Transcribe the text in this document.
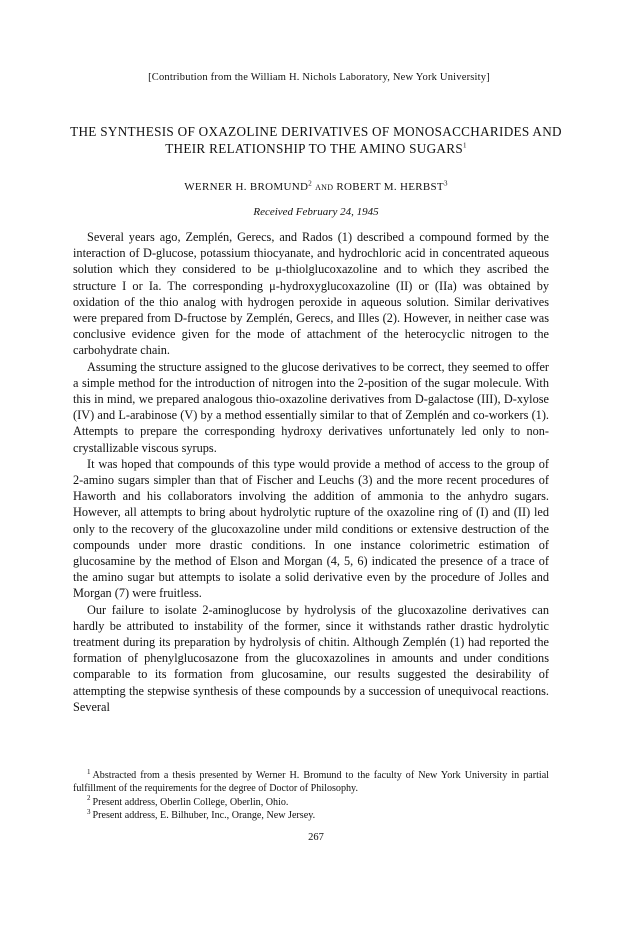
[Contribution from the William H. Nichols Laboratory, New York University]
THE SYNTHESIS OF OXAZOLINE DERIVATIVES OF MONOSACCHARIDES AND THEIR RELATIONSHIP TO THE AMINO SUGARS$^1$
WERNER H. BROMUND$^2$ and ROBERT M. HERBST$^3$
Received February 24, 1945

Several years ago, Zemplén, Gerecs, and Rados (1) described a compound formed by the interaction of D-glucose, potassium thiocyanate, and hydrochloric acid in concentrated aqueous solution which they considered to be μ-thiolglucoxazoline and to which they ascribed the structure I or Ia. The corresponding μ-hydroxyglucoxazoline (II) or (IIa) was obtained by oxidation of the thio analog with hydrogen peroxide in aqueous solution. Similar derivatives were prepared from D-fructose by Zemplén, Gerecs, and Illes (2). However, in neither case was conclusive evidence given for the mode of attachment of the heterocyclic nitrogen to the carbohydrate chain.

Assuming the structure assigned to the glucose derivatives to be correct, they seemed to offer a simple method for the introduction of nitrogen into the 2-position of the sugar molecule. With this in mind, we prepared analogous thio-oxazoline derivatives from D-galactose (III), D-xylose (IV) and L-arabinose (V) by a method essentially similar to that of Zemplén and co-workers (1). Attempts to prepare the corresponding hydroxy derivatives unfortunately led only to non-crystallizable viscous syrups.

It was hoped that compounds of this type would provide a method of access to the group of 2-amino sugars simpler than that of Fischer and Leuchs (3) and the more recent procedures of Haworth and his collaborators involving the addition of ammonia to the anhydro sugars. However, all attempts to bring about hydrolytic rupture of the oxazoline ring of (I) and (II) led only to the recovery of the glucoxazoline under mild conditions or extensive destruction of the compounds under more drastic conditions. In one instance colorimetric estimation of glucosamine by the method of Elson and Morgan (4, 5, 6) indicated the presence of a trace of the amino sugar but attempts to isolate a solid derivative even by the procedure of Jolles and Morgan (7) were fruitless.

Our failure to isolate 2-aminoglucose by hydrolysis of the glucoxazoline derivatives can hardly be attributed to instability of the former, since it withstands rather drastic hydrolytic treatment during its preparation by hydrolysis of chitin. Although Zemplén (1) had reported the formation of phenylglucosazone from the glucoxazolines in amounts and under conditions comparable to its formation from glucosamine, our results suggested the desirability of attempting the stepwise synthesis of these compounds by a succession of unequivocal reactions. Several

$^1$ Abstracted from a thesis presented by Werner H. Bromund to the faculty of New York University in partial fulfillment of the requirements for the degree of Doctor of Philosophy.

$^2$ Present address, Oberlin College, Oberlin, Ohio.

$^3$ Present address, E. Bilhuber, Inc., Orange, New Jersey.

267
